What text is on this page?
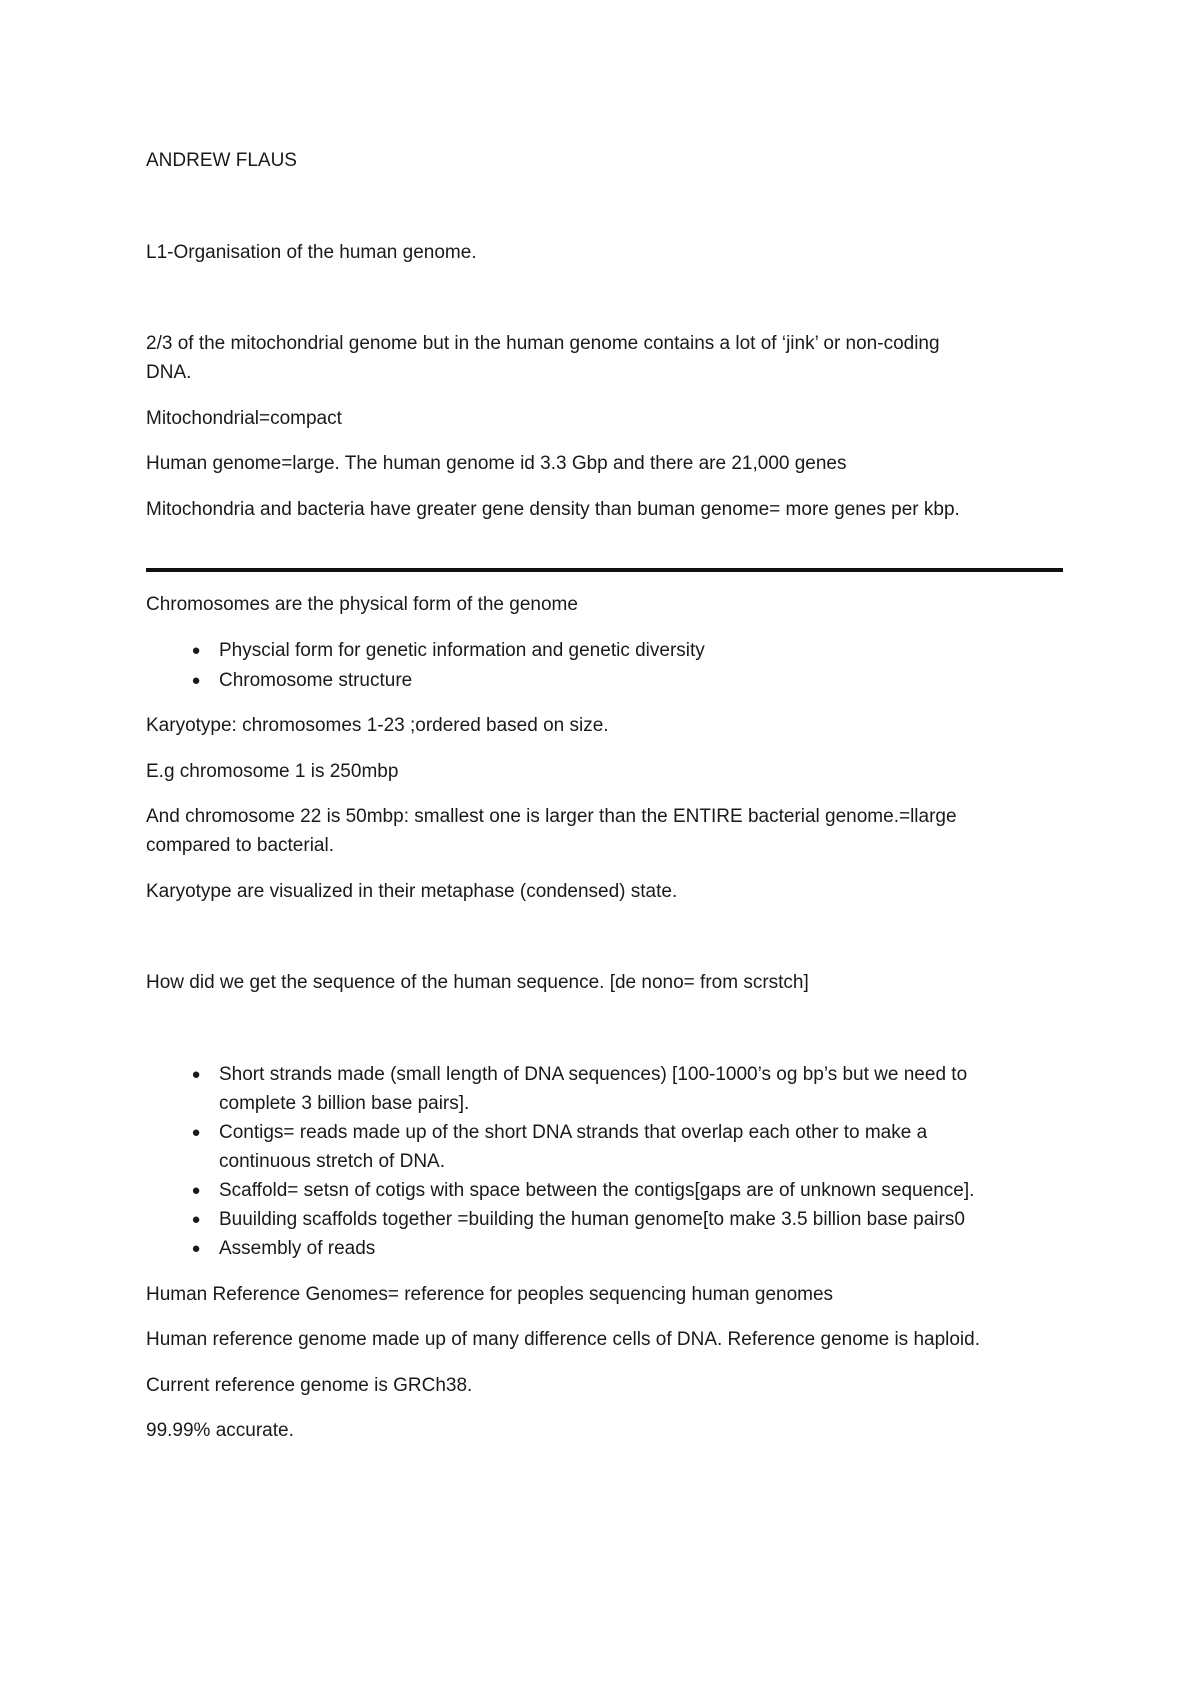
ANDREW FLAUS

L1-Organisation of the human genome.

2/3 of the mitochondrial genome but in the human genome contains a lot of ‘jink’ or non-coding

DNA.

Mitochondrial=compact

Human genome=large. The human genome id 3.3 Gbp and there are 21,000 genes

Mitochondria and bacteria have greater gene density than buman genome= more genes per kbp.

Chromosomes are the physical form of the genome

● Physcial form for genetic information and genetic diversity
● Chromosome structure

Karyotype: chromosomes 1-23 ;ordered based on size.

E.g chromosome 1 is 250mbp

And chromosome 22 is 50mbp: smallest one is larger than the ENTIRE bacterial genome.=llarge

compared to bacterial.

Karyotype are visualized in their metaphase (condensed) state.

How did we get the sequence of the human sequence. [de nono= from scrstch]

● Short strands made (small length of DNA sequences) [100-1000’s og bp’s but we need to
complete 3 billion base pairs].
● Contigs= reads made up of the short DNA strands that overlap each other to make a
continuous stretch of DNA.
● Scaffold= setsn of cotigs with space between the contigs[gaps are of unknown sequence].
● Buuilding scaffolds together =building the human genome[to make 3.5 billion base pairs0
● Assembly of reads

Human Reference Genomes= reference for peoples sequencing human genomes

Human reference genome made up of many difference cells of DNA. Reference genome is haploid.

Current reference genome is GRCh38.

99.99% accurate.
